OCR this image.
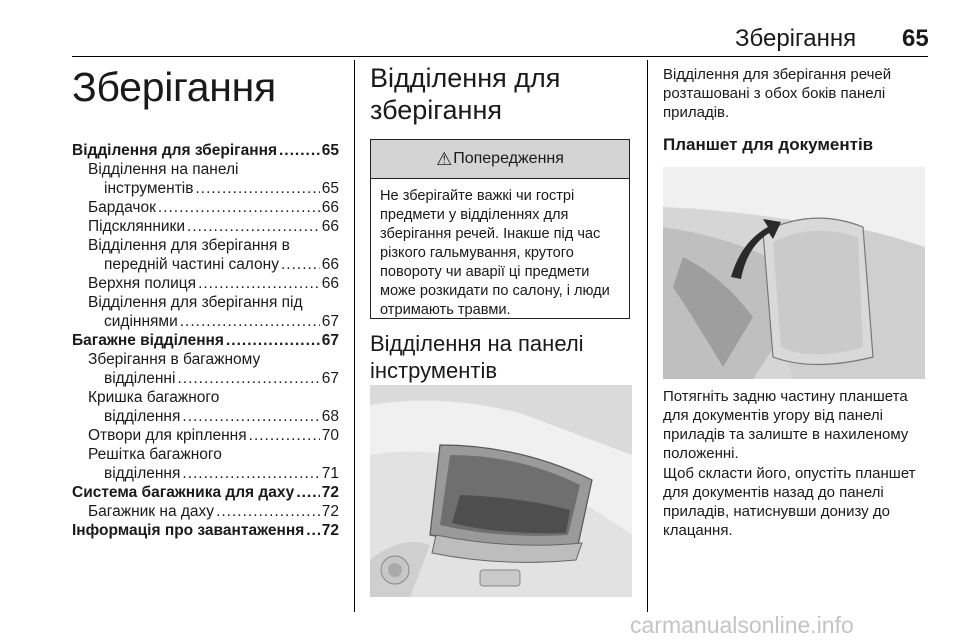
Зберігання 65
Зберігання
Відділення для зберігання .....	65
Відділення на панелі
інструментів .....	65
Бардачок .....	66
Підсклянники .....	66
Відділення для зберігання в
передній частині салону .....	66
Верхня полиця .....	66
Відділення для зберігання під
сидіннями .....	67
Багажне відділення .....	67
Зберігання в багажному
відділенні .....	67
Кришка багажного
відділення .....	68
Отвори для кріплення .....	70
Решітка багажного
відділення .....	71
Система багажника для даху ..... 72
Багажник на даху .....	72
Інформація про завантаження ..... 72
Відділення для
зберігання
⚠ Попередження
Не зберігайте важкі чи гострі предмети у відділеннях для зберігання речей. Інакше під час різкого гальмування, крутого повороту чи аварії ці предмети може розкидати по салону, і люди отримають травми.
Відділення на панелі
інструментів
Відділення для зберігання речей розташовані з обох боків панелі приладів.
Планшет для документів
Потягніть задню частину планшета для документів угору від панелі приладів та залиште в нахиленому положенні.
Щоб скласти його, опустіть планшет для документів назад до панелі приладів, натиснувши донизу до клацання.
carmanualsonline.info
